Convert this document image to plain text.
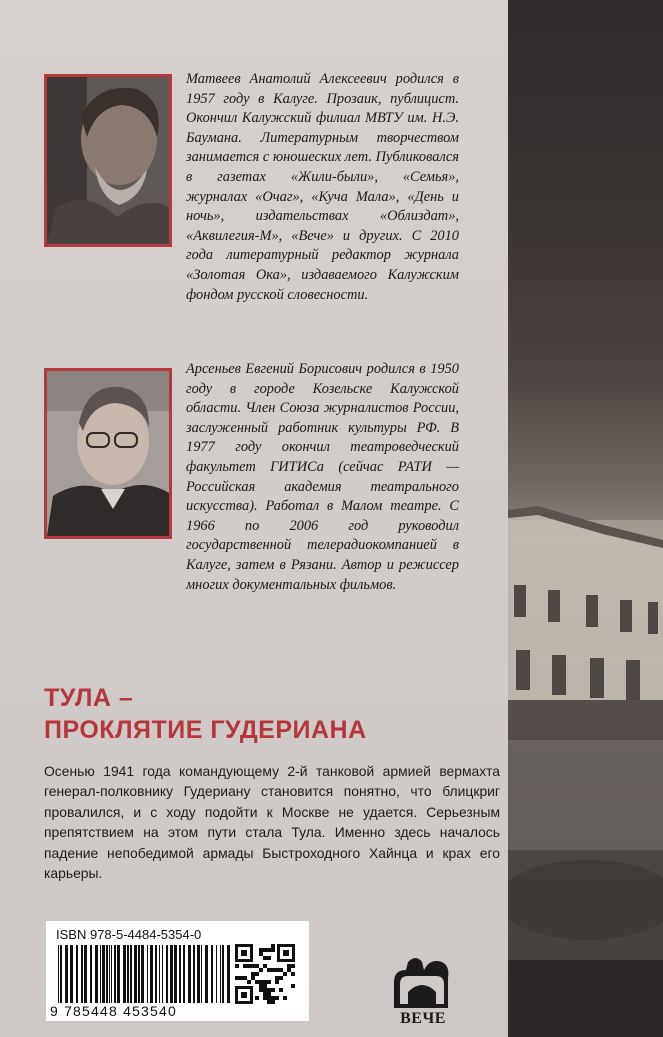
Матвеев Анатолий Алексеевич родился в 1957 году в Калуге. Прозаик, публицист. Окончил Калужский филиал МВТУ им. Н.Э. Баумана. Литературным творчеством занимается с юношеских лет. Публиковался в газетах «Жили-были», «Семья», журналах «Очаг», «Куча Мала», «День и ночь», издательствах «Облиздат», «Аквилегия-М», «Вече» и других. С 2010 года литературный редактор журнала «Золотая Ока», издаваемого Калужским фондом русской словесности.

Арсеньев Евгений Борисович родился в 1950 году в городе Козельске Калужской области. Член Союза журналистов России, заслуженный работник культуры РФ. В 1977 году окончил театроведческий факультет ГИТИСа (сейчас РАТИ — Российская академия театрального искусства). Работал в Малом театре. С 1966 по 2006 год руководил государственной телерадиокомпанией в Калуге, затем в Рязани. Автор и режиссер многих документальных фильмов.

ТУЛА –
ПРОКЛЯТИЕ ГУДЕРИАНА

Осенью 1941 года командующему 2-й танковой армией вермахта генерал-полковнику Гудериану становится понятно, что блицкриг провалился, и с ходу подойти к Москве не удается. Серьезным препятствием на этом пути стала Тула. Именно здесь началось падение непобедимой армады Быстроходного Хайнца и крах его карьеры.

ISBN 978-5-4484-5354-0
9 785448 453540	ВЕЧЕ
